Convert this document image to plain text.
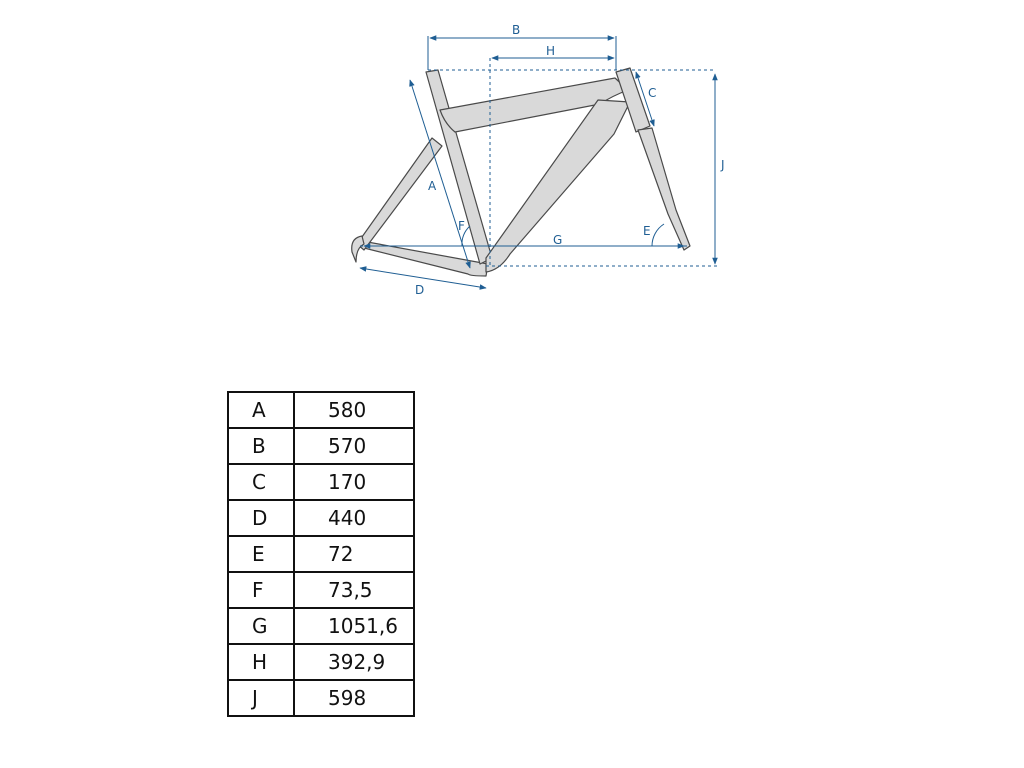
B
H
A
C
D
G
J
F	E
A	580
B	570
C	170
D	440
E	72
F	73,5
G	1051,6
H	392,9
J	598
